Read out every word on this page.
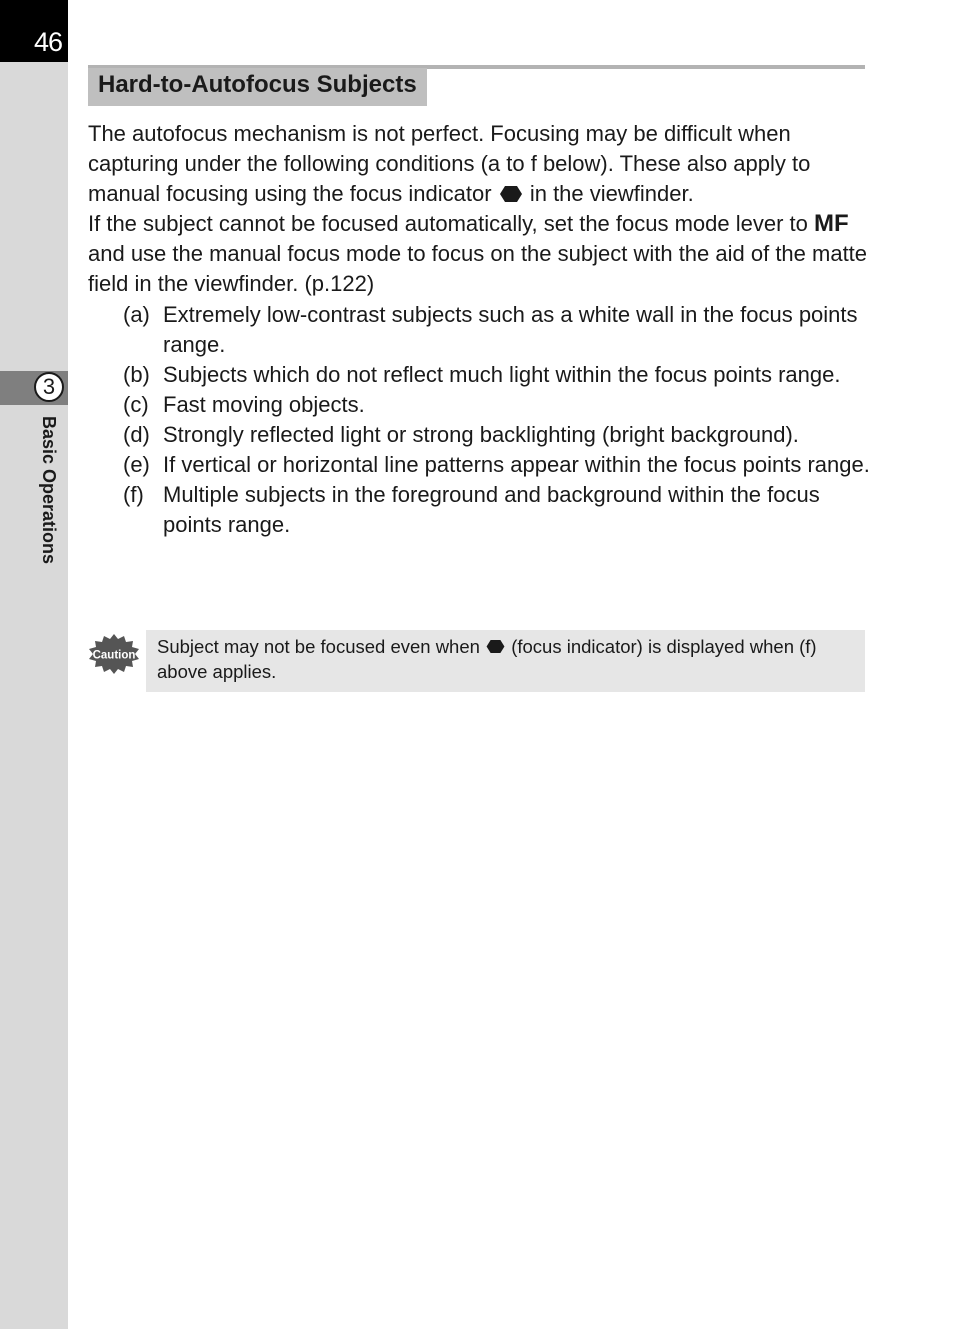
46
3
Basic Operations
Hard-to-Autofocus Subjects

The autofocus mechanism is not perfect. Focusing may be difficult when capturing under the following conditions (a to f below). These also apply to manual focusing using the focus indicator in the viewfinder.

If the subject cannot be focused automatically, set the focus mode lever to MF and use the manual focus mode to focus on the subject with the aid of the matte field in the viewfinder. (p.122)

(a) Extremely low-contrast subjects such as a white wall in the focus points range.
(b) Subjects which do not reflect much light within the focus points range.
(c) Fast moving objects.
(d) Strongly reflected light or strong backlighting (bright background).
(e) If vertical or horizontal line patterns appear within the focus points range.
(f) Multiple subjects in the foreground and background within the focus points range.
Caution	Subject may not be focused even when (focus indicator) is displayed when (f) above applies.
